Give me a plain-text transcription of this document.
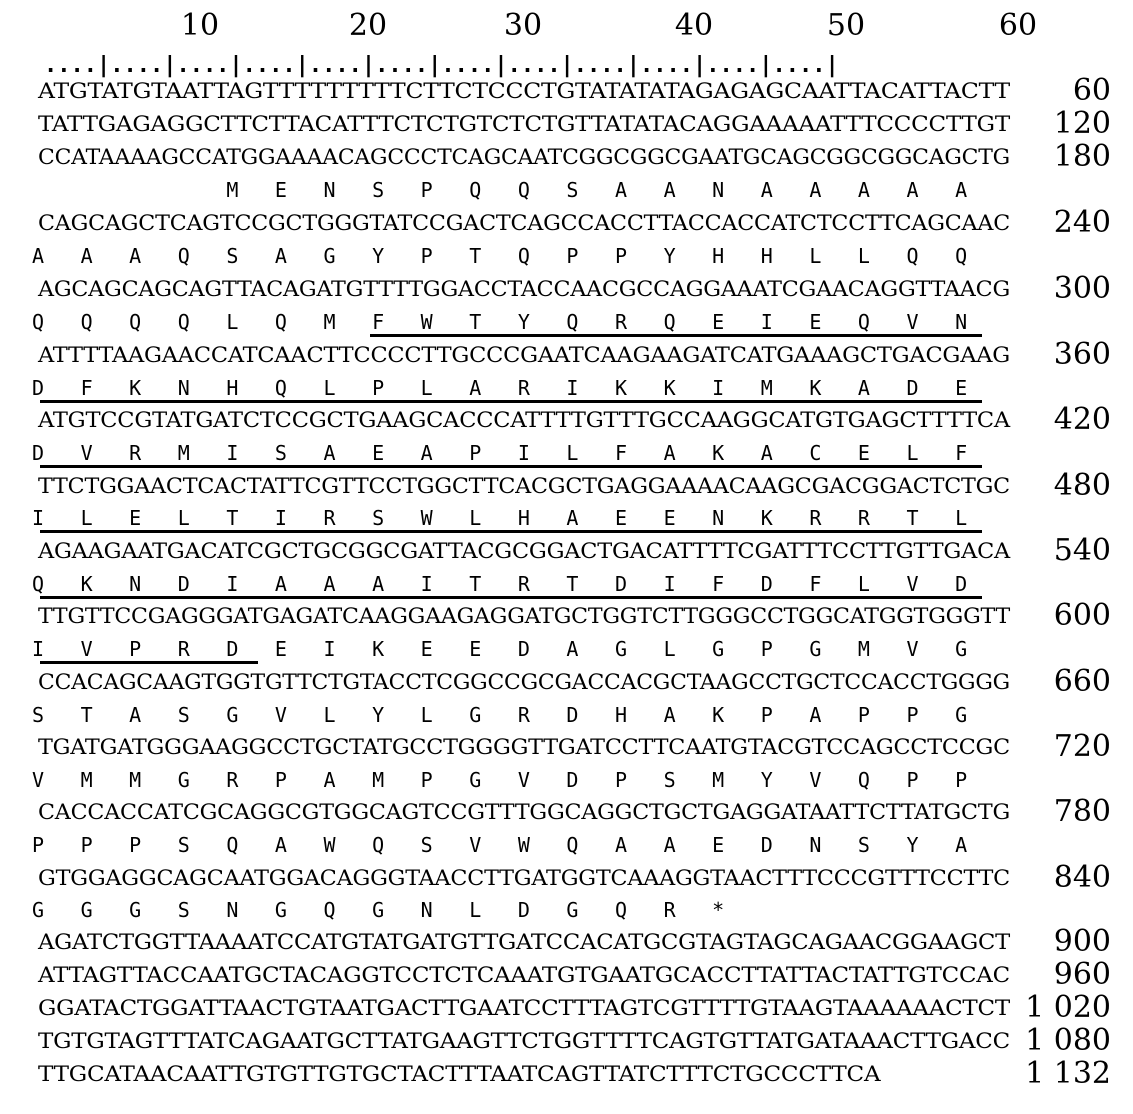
10	20	30	40	50	60
....|....|....|....|....|....|....|....|....|....|....|....|
ATGTATGTAATTAGTTTTTTTTTCTTCTCCCTGTATATATAGAGAGCAATTACATTACTT 60
TATTGAGAGGCTTCTTACATTTCTCTGTCTCTGTTATATACAGGAAAAATTTCCCCTTGT 120
CCATAAAAGCCATGGAAAACAGCCCTCAGCAATCGGCGGCGAATGCAGCGGCGGCAGCTG 180
M  E  N  S  P  Q  Q  S  A  A  N  A  A  A  A  A
CAGCAGCTCAGTCCGCTGGGTATCCGACTCAGCCACCTTACCACCATCTCCTTCAGCAAC 240
A  A  A  Q  S  A  G  Y  P  T  Q  P  P  Y  H  H  L  L  Q  Q
AGCAGCAGCAGTTACAGATGTTTTGGACCTACCAACGCCAGGAAATCGAACAGGTTAACG 300
Q  Q  Q  Q  L  Q  M  F  W  T  Y  Q  R  Q  E  I  E  Q  V  N
ATTTTAAGAACCATCAACTTCCCCTTGCCCGAATCAAGAAGATCATGAAAGCTGACGAAG 360
D  F  K  N  H  Q  L  P  L  A  R  I  K  K  I  M  K  A  D  E
ATGTCCGTATGATCTCCGCTGAAGCACCCATTTTGTTTGCCAAGGCATGTGAGCTTTTCA 420
D  V  R  M  I  S  A  E  A  P  I  L  F  A  K  A  C  E  L  F
TTCTGGAACTCACTATTCGTTCCTGGCTTCACGCTGAGGAAAACAAGCGACGGACTCTGC 480
I  L  E  L  T  I  R  S  W  L  H  A  E  E  N  K  R  R  T  L
AGAAGAATGACATCGCTGCGGCGATTACGCGGACTGACATTTTCGATTTCCTTGTTGACA 540
Q  K  N  D  I  A  A  A  I  T  R  T  D  I  F  D  F  L  V  D
TTGTTCCGAGGGATGAGATCAAGGAAGAGGATGCTGGTCTTGGGCCTGGCATGGTGGGTT 600
I  V  P  R  D  E  I  K  E  E  D  A  G  L  G  P  G  M  V  G
CCACAGCAAGTGGTGTTCTGTACCTCGGCCGCGACCACGCTAAGCCTGCTCCACCTGGGG 660
S  T  A  S  G  V  L  Y  L  G  R  D  H  A  K  P  A  P  P  G
TGATGATGGGAAGGCCTGCTATGCCTGGGGTTGATCCTTCAATGTACGTCCAGCCTCCGC 720
V  M  M  G  R  P  A  M  P  G  V  D  P  S  M  Y  V  Q  P  P
CACCACCATCGCAGGCGTGGCAGTCCGTTTGGCAGGCTGCTGAGGATAATTCTTATGCTG 780
P  P  P  S  Q  A  W  Q  S  V  W  Q  A  A  E  D  N  S  Y  A
GTGGAGGCAGCAATGGACAGGGTAACCTTGATGGTCAAAGGTAACTTTCCCGTTTCCTTC 840
G  G  G  S  N  G  Q  G  N  L  D  G  Q  R  *
AGATCTGGTTAAAATCCATGTATGATGTTGATCCACATGCGTAGTAGCAGAACGGAAGCT 900
ATTAGTTACCAATGCTACAGGTCCTCTCAAATGTGAATGCACCTTATTACTATTGTCCAC 960
GGATACTGGATTAACTGTAATGACTTGAATCCTTTAGTCGTTTTGTAAGTAAAAAACTCT 1 020
TGTGTAGTTTATCAGAATGCTTATGAAGTTCTGGTTTTCAGTGTTATGATAAACTTGACC 1 080
TTGCATAACAATTGTGTTGTGCTACTTTAATCAGTTATCTTTCTGCCCTTCA	1 132
